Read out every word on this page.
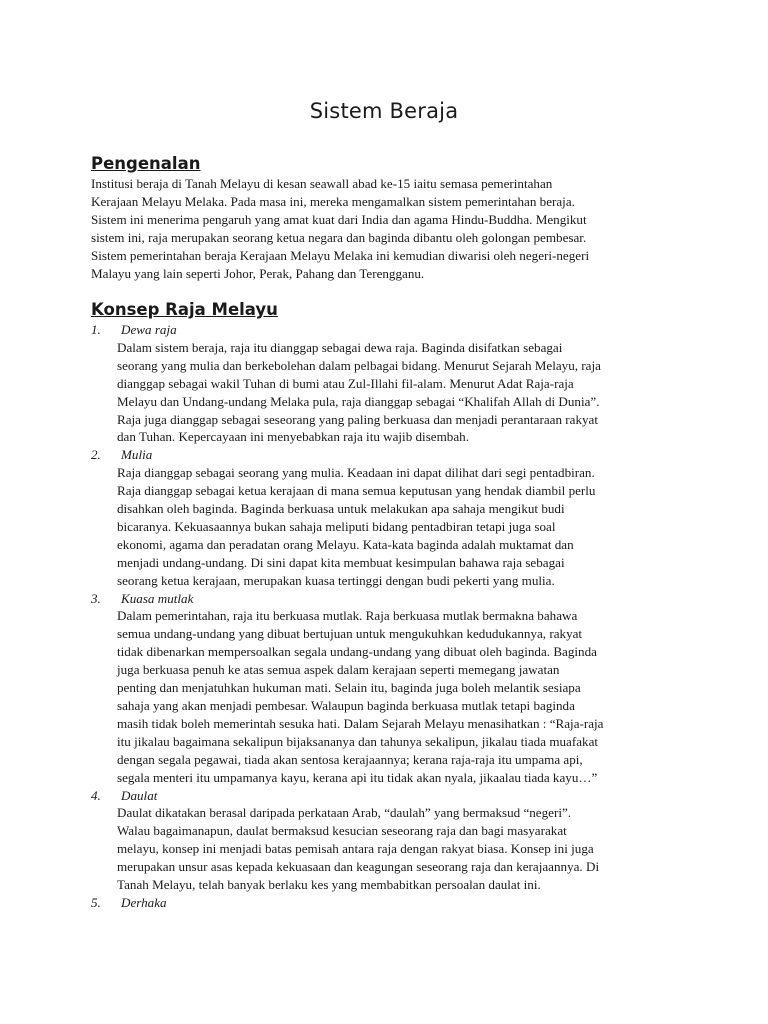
Sistem Beraja
Pengenalan
Institusi beraja di Tanah Melayu di kesan seawall abad ke-15 iaitu semasa pemerintahan
Kerajaan Melayu Melaka. Pada masa ini, mereka mengamalkan sistem pemerintahan beraja.
Sistem ini menerima pengaruh yang amat kuat dari India dan agama Hindu-Buddha. Mengikut
sistem ini, raja merupakan seorang ketua negara dan baginda dibantu oleh golongan pembesar.
Sistem pemerintahan beraja Kerajaan Melayu Melaka ini kemudian diwarisi oleh negeri-negeri
Malayu yang lain seperti Johor, Perak, Pahang dan Terengganu.
Konsep Raja Melayu
1.	Dewa raja
Dalam sistem beraja, raja itu dianggap sebagai dewa raja. Baginda disifatkan sebagai
seorang yang mulia dan berkebolehan dalam pelbagai bidang. Menurut Sejarah Melayu, raja
dianggap sebagai wakil Tuhan di bumi atau Zul-Illahi fil-alam. Menurut Adat Raja-raja
Melayu dan Undang-undang Melaka pula, raja dianggap sebagai “Khalifah Allah di Dunia”.
Raja juga dianggap sebagai seseorang yang paling berkuasa dan menjadi perantaraan rakyat
dan Tuhan. Kepercayaan ini menyebabkan raja itu wajib disembah.
2.	Mulia
Raja dianggap sebagai seorang yang mulia. Keadaan ini dapat dilihat dari segi pentadbiran.
Raja dianggap sebagai ketua kerajaan di mana semua keputusan yang hendak diambil perlu
disahkan oleh baginda. Baginda berkuasa untuk melakukan apa sahaja mengikut budi
bicaranya. Kekuasaannya bukan sahaja meliputi bidang pentadbiran tetapi juga soal
ekonomi, agama dan peradatan orang Melayu. Kata-kata baginda adalah muktamat dan
menjadi undang-undang. Di sini dapat kita membuat kesimpulan bahawa raja sebagai
seorang ketua kerajaan, merupakan kuasa tertinggi dengan budi pekerti yang mulia.
3.	Kuasa mutlak
Dalam pemerintahan, raja itu berkuasa mutlak. Raja berkuasa mutlak bermakna bahawa
semua undang-undang yang dibuat bertujuan untuk mengukuhkan kedudukannya, rakyat
tidak dibenarkan mempersoalkan segala undang-undang yang dibuat oleh baginda. Baginda
juga berkuasa penuh ke atas semua aspek dalam kerajaan seperti memegang jawatan
penting dan menjatuhkan hukuman mati. Selain itu, baginda juga boleh melantik sesiapa
sahaja yang akan menjadi pembesar. Walaupun baginda berkuasa mutlak tetapi baginda
masih tidak boleh memerintah sesuka hati. Dalam Sejarah Melayu menasihatkan : “Raja-raja
itu jikalau bagaimana sekalipun bijaksananya dan tahunya sekalipun, jikalau tiada muafakat
dengan segala pegawai, tiada akan sentosa kerajaannya; kerana raja-raja itu umpama api,
segala menteri itu umpamanya kayu, kerana api itu tidak akan nyala, jikaalau tiada kayu…”
4.	Daulat
Daulat dikatakan berasal daripada perkataan Arab, “daulah” yang bermaksud “negeri”.
Walau bagaimanapun, daulat bermaksud kesucian seseorang raja dan bagi masyarakat
melayu, konsep ini menjadi batas pemisah antara raja dengan rakyat biasa. Konsep ini juga
merupakan unsur asas kepada kekuasaan dan keagungan seseorang raja dan kerajaannya. Di
Tanah Melayu, telah banyak berlaku kes yang membabitkan persoalan daulat ini.
5.	Derhaka
